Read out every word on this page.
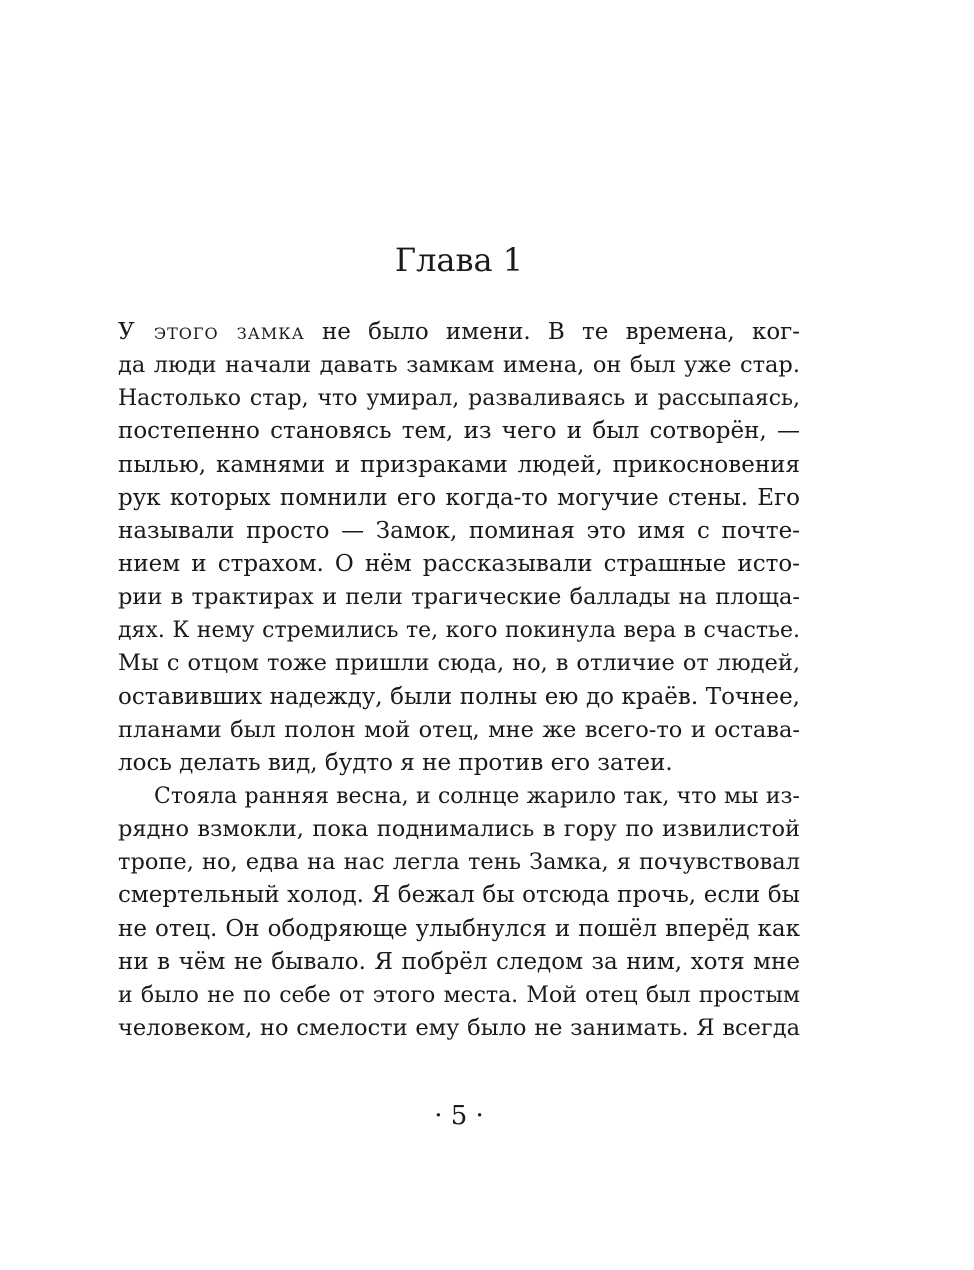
Глава 1
У этого замка не было имени. В те времена, ког-
да люди начали давать замкам имена, он был уже стар.
Настолько стар, что умирал, разваливаясь и рассыпаясь,
постепенно становясь тем, из чего и был сотворён, —
пылью, камнями и призраками людей, прикосновения
рук которых помнили его когда-то могучие стены. Его
называли просто — Замок, поминая это имя с почте-
нием и страхом. О нём рассказывали страшные исто-
рии в трактирах и пели трагические баллады на площа-
дях. К нему стремились те, кого покинула вера в счастье.
Мы с отцом тоже пришли сюда, но, в отличие от людей,
оставивших надежду, были полны ею до краёв. Точнее,
планами был полон мой отец, мне же всего-то и остава-
лось делать вид, будто я не против его затеи.
Стояла ранняя весна, и солнце жарило так, что мы из-
рядно взмокли, пока поднимались в гору по извилистой
тропе, но, едва на нас легла тень Замка, я почувствовал
смертельный холод. Я бежал бы отсюда прочь, если бы
не отец. Он ободряюще улыбнулся и пошёл вперёд как
ни в чём не бывало. Я побрёл следом за ним, хотя мне
и было не по себе от этого места. Мой отец был простым
человеком, но смелости ему было не занимать. Я всегда
· 5 ·
